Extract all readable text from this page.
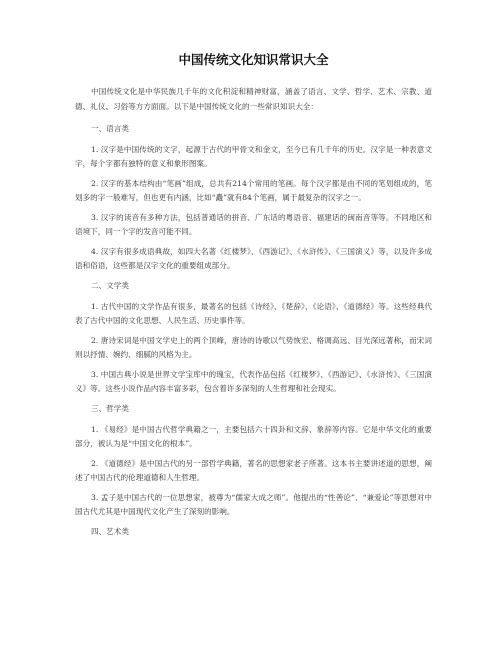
中国传统文化知识常识大全

中国传统文化是中华民族几千年的文化积淀和精神财富，涵盖了语言、文学、哲学、艺术、宗教、道德、礼仪、习俗等方方面面。以下是中国传统文化的一些常识知识大全：

一、语言类

1. 汉字是中国传统的文字，起源于古代的甲骨文和金文，至今已有几千年的历史。汉字是一种表意文字，每个字都有独特的意义和象形图案。

2. 汉字的基本结构由“笔画”组成，总共有214个常用的笔画。每个汉字都是由不同的笔划组成的，笔划多的字一般难写，但也更有内涵，比如“矗”就有84个笔画，属于最复杂的汉字之一。

3. 汉字的读音有多种方法，包括普通话的拼音、广东话的粤语音、福建话的闽南音等等。不同地区和语境下，同一个字的发音可能不同。

4. 汉字有很多成语典故，如四大名著《红楼梦》、《西游记》、《水浒传》、《三国演义》等，以及许多成语和俗语，这些都是汉字文化的重要组成部分。

二、文学类

1. 古代中国的文学作品有很多，最著名的包括《诗经》、《楚辞》、《论语》、《道德经》等。这些经典代表了古代中国的文化思想、人民生活、历史事件等。

2. 唐诗宋词是中国文学史上的两个顶峰，唐诗的诗歌以气势恢宏、格调高远、目光深远著称，而宋词则以抒情、婉约、细腻的风格为主。

3. 中国古典小说是世界文学宝库中的瑰宝，代表作品包括《红楼梦》、《西游记》、《水浒传》、《三国演义》等。这些小说作品内容丰富多彩，包含着许多深刻的人生哲理和社会现实。

三、哲学类

1. 《易经》是中国古代哲学典籍之一，主要包括六十四卦和文辞、象辞等内容。它是中华文化的重要部分，被认为是“中国文化的根本”。

2. 《道德经》是中国古代的另一部哲学典籍，著名的思想家老子所著。这本书主要讲述道的思想，阐述了中国古代的伦理道德和人生哲理。

3. 孟子是中国古代的一位思想家，被尊为“儒家大成之师”。他提出的“性善论”、“兼爱论”等思想对中国古代尤其是中国现代文化产生了深刻的影响。

四、艺术类
